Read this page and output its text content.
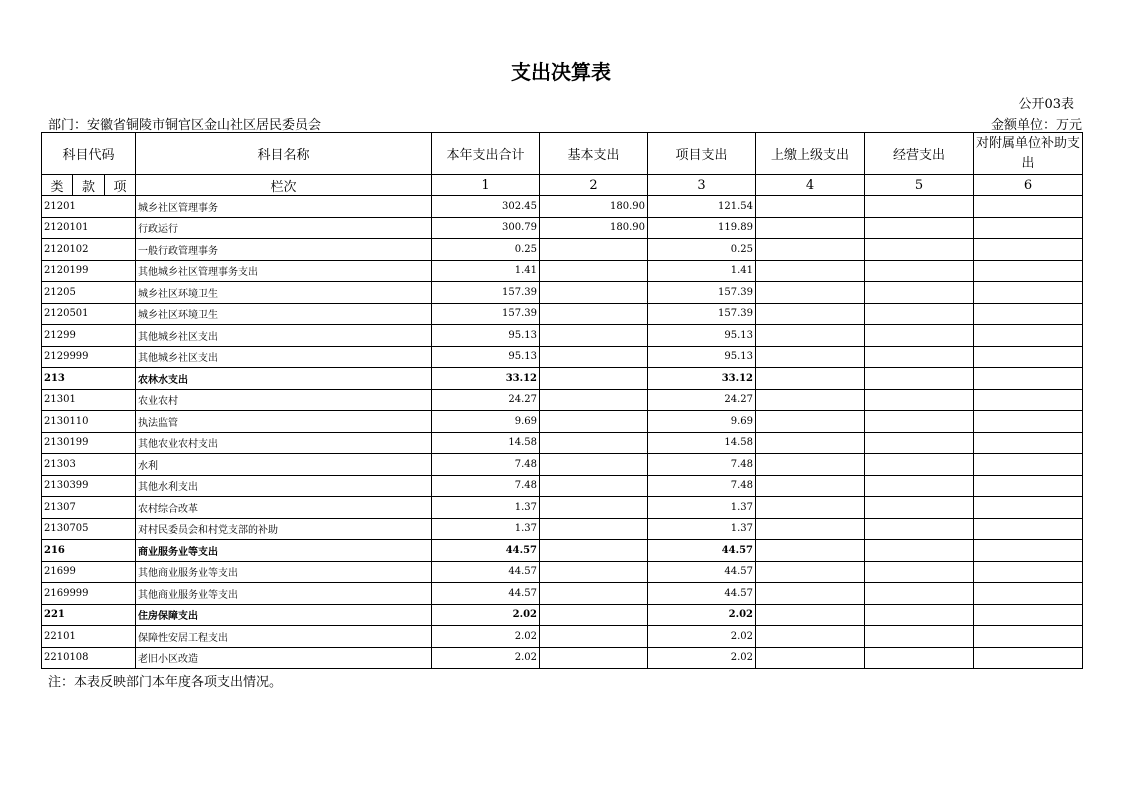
支出决算表
公开03表
部门：安徽省铜陵市铜官区金山社区居民委员会	金额单位：万元
科目代码			科目名称	本年支出合计	基本支出	项目支出	上缴上级支出	经营支出	对附属单位补助支出
类	款	项	栏次	1	2	3	4	5	6
21201			城乡社区管理事务	302.45	180.90	121.54			
2120101			行政运行	300.79	180.90	119.89			
2120102			一般行政管理事务	0.25		0.25			
2120199			其他城乡社区管理事务支出	1.41		1.41			
21205			城乡社区环境卫生	157.39		157.39			
2120501			城乡社区环境卫生	157.39		157.39			
21299			其他城乡社区支出	95.13		95.13			
2129999			其他城乡社区支出	95.13		95.13			
213			农林水支出	33.12		33.12			
21301			农业农村	24.27		24.27			
2130110			执法监管	9.69		9.69			
2130199			其他农业农村支出	14.58		14.58			
21303			水利	7.48		7.48			
2130399			其他水利支出	7.48		7.48			
21307			农村综合改革	1.37		1.37			
2130705			对村民委员会和村党支部的补助	1.37		1.37			
216			商业服务业等支出	44.57		44.57			
21699			其他商业服务业等支出	44.57		44.57			
2169999			其他商业服务业等支出	44.57		44.57			
221			住房保障支出	2.02		2.02			
22101			保障性安居工程支出	2.02		2.02			
2210108			老旧小区改造	2.02		2.02			
注：本表反映部门本年度各项支出情况。
